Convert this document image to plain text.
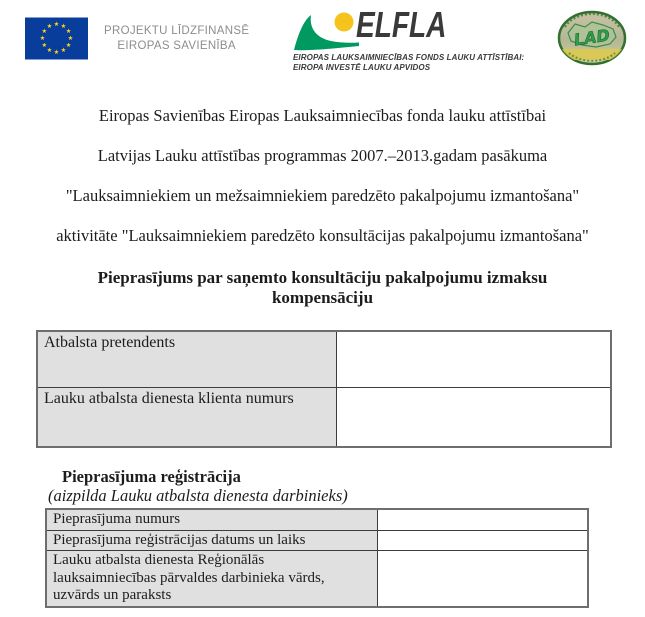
★ ★
★
★
★
★
★
★
★
★
★
★	PROJEKTU LĪDZFINANSĒ
EIROPAS SAVIENĪBA
ELFLA
EIROPAS LAUKSAIMNIECĪBAS FONDS LAUKU ATTĪSTĪBAI:
EIROPA INVESTĒ LAUKU APVIDOS
LAD

Eiropas Savienības Eiropas Lauksaimniecības fonda lauku attīstībai

Latvijas Lauku attīstības programmas 2007.–2013.gadam pasākuma

"Lauksaimniekiem un mežsaimniekiem paredzēto pakalpojumu izmantošana"

aktivitāte "Lauksaimniekiem paredzēto konsultācijas pakalpojumu izmantošana"

Pieprasījums par saņemto konsultāciju pakalpojumu izmaksu kompensāciju
Atbalsta pretendents	
Lauku atbalsta dienesta klienta numurs	
Pieprasījuma reģistrācija
(aizpilda Lauku atbalsta dienesta darbinieks)
Pieprasījuma numurs	
Pieprasījuma reģistrācijas datums un laiks	
Lauku atbalsta dienesta Reģionālās lauksaimniecības pārvaldes darbinieka vārds, uzvārds un paraksts	
